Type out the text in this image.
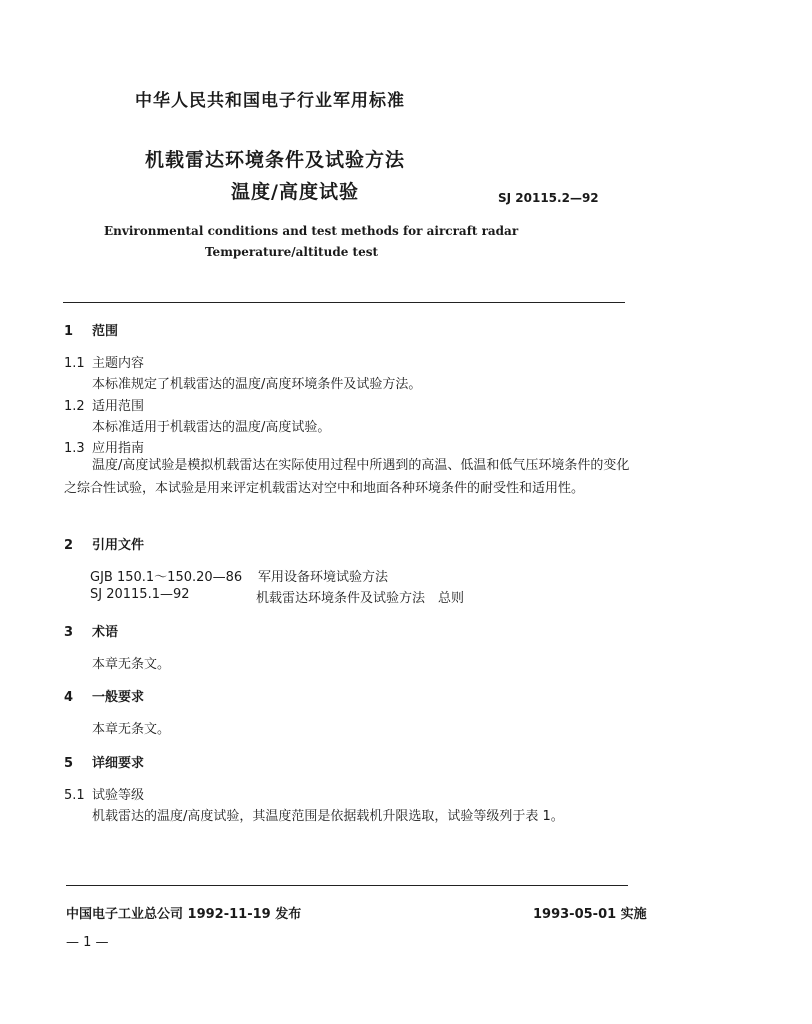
中华人民共和国电子行业军用标准
机载雷达环境条件及试验方法
温度/高度试验	SJ 20115.2—92
Environmental conditions and test methods for aircraft radar
Temperature/altitude test
1 范围
1.1 主题内容
本标准规定了机载雷达的温度/高度环境条件及试验方法。
1.2 适用范围
本标准适用于机载雷达的温度/高度试验。
1.3 应用指南
温度/高度试验是模拟机载雷达在实际使用过程中所遇到的高温、低温和低气压环境条件的变化之综合性试验，本试验是用来评定机载雷达对空中和地面各种环境条件的耐受性和适用性。
2 引用文件
GJB 150.1～150.20—86 军用设备环境试验方法
SJ 20115.1—92	机载雷达环境条件及试验方法　总则
3 术语
本章无条文。
4 一般要求
本章无条文。
5 详细要求
5.1 试验等级
机载雷达的温度/高度试验，其温度范围是依据载机升限选取，试验等级列于表 1。
中国电子工业总公司 1992-11-19 发布	1993-05-01 实施
— 1 —
